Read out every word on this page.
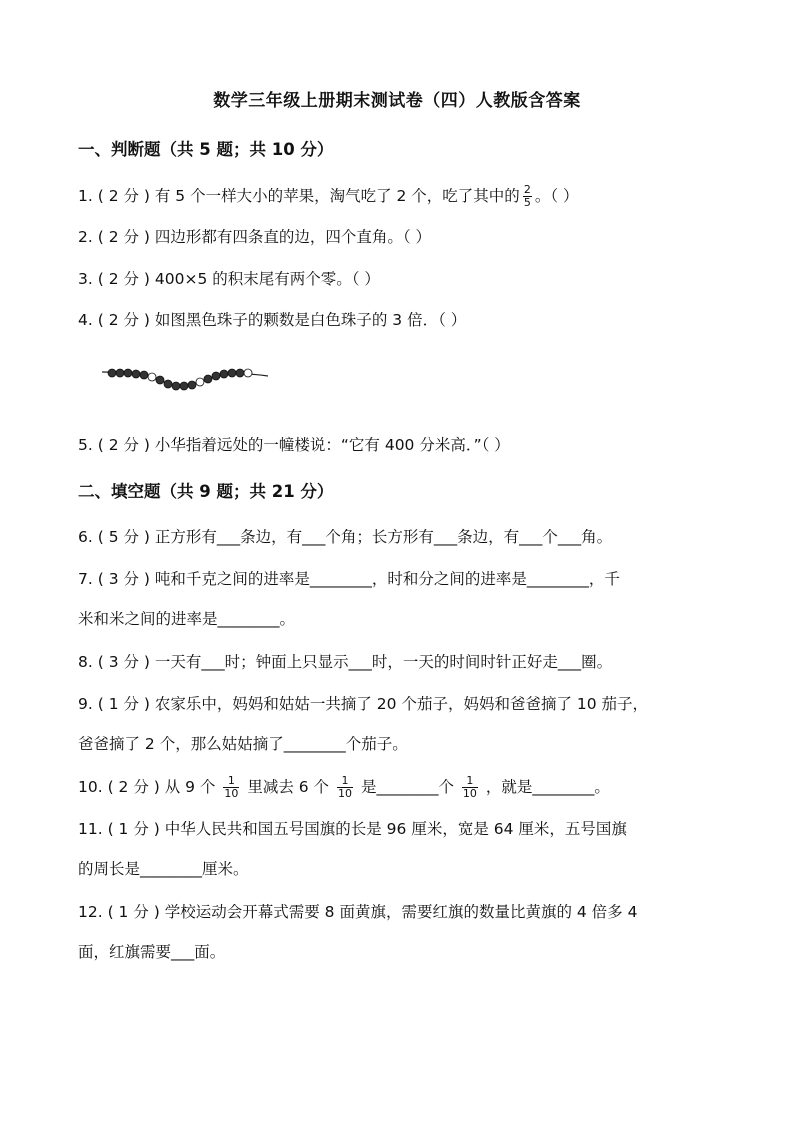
数学三年级上册期末测试卷（四）人教版含答案
一、判断题（共 5 题；共 10 分）
1. ( 2 分 ) 有 5 个一样大小的苹果，淘气吃了 2 个，吃了其中的 $\frac{2}{5}$ 。（ ）
2. ( 2 分 ) 四边形都有四条直的边，四个直角。（ ）
3. ( 2 分 ) 400×5 的积末尾有两个零。（ ）
4. ( 2 分 ) 如图黑色珠子的颗数是白色珠子的 3 倍．（ ）
5. ( 2 分 ) 小华指着远处的一幢楼说：“它有 400 分米高．”（ ）
二、填空题（共 9 题；共 21 分）
6. ( 5 分 ) 正方形有___条边，有___个角；长方形有___条边，有___个___角。
7. ( 3 分 ) 吨和千克之间的进率是________，时和分之间的进率是________，千
米和米之间的进率是________。
8. ( 3 分 ) 一天有___时；钟面上只显示___时，一天的时间时针正好走___圈。
9. ( 1 分 ) 农家乐中，妈妈和姑姑一共摘了 20 个茄子，妈妈和爸爸摘了 10 茄子，
爸爸摘了 2 个，那么姑姑摘了________个茄子。
10. ( 2 分 ) 从 9 个 $\frac{1}{10}$ 里减去 6 个 $\frac{1}{10}$ 是________个 $\frac{1}{10}$ ，就是________。
11. ( 1 分 ) 中华人民共和国五号国旗的长是 96 厘米，宽是 64 厘米，五号国旗
的周长是________厘米。
12. ( 1 分 ) 学校运动会开幕式需要 8 面黄旗，需要红旗的数量比黄旗的 4 倍多 4
面，红旗需要___面。
